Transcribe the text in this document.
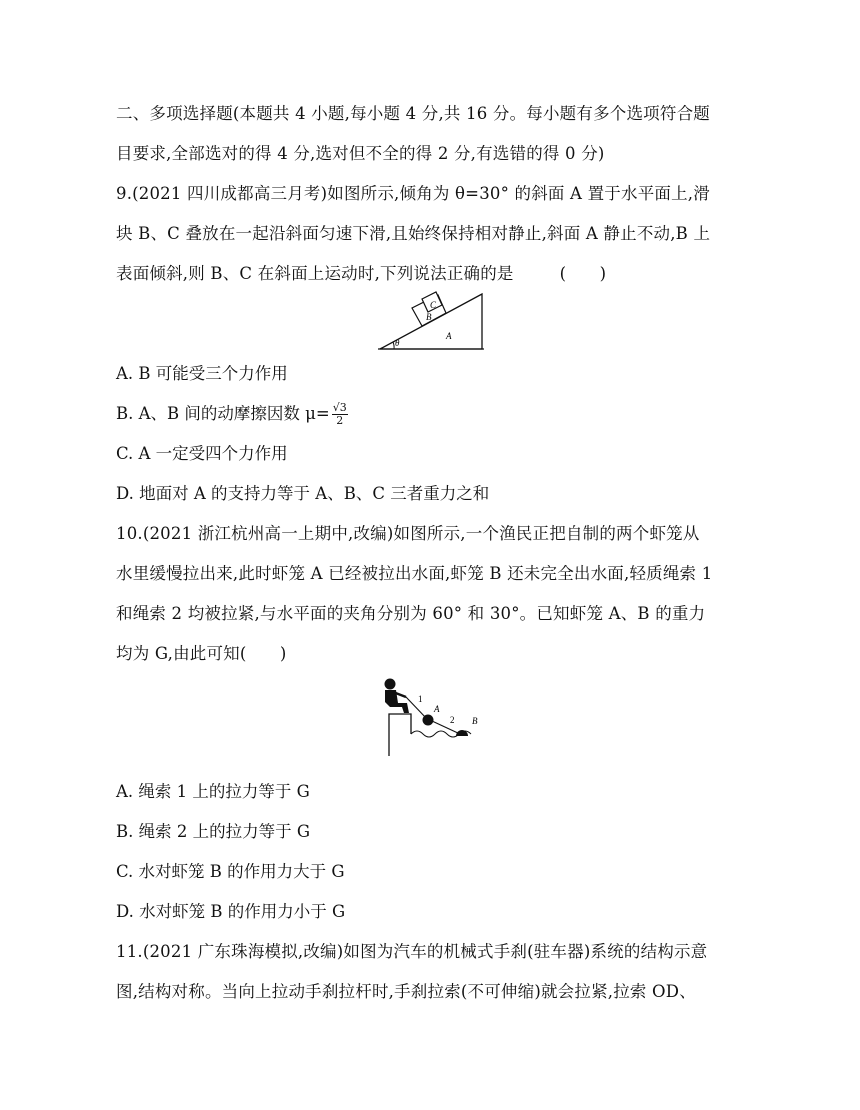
二、多项选择题(本题共 4 小题,每小题 4 分,共 16 分。每小题有多个选项符合题
目要求,全部选对的得 4 分,选对但不全的得 2 分,有选错的得 0 分)
9.(2021 四川成都高三月考)如图所示,倾角为 θ=30° 的斜面 A 置于水平面上,滑
块 B、C 叠放在一起沿斜面匀速下滑,且始终保持相对静止,斜面 A 静止不动,B 上
表面倾斜,则 B、C 在斜面上运动时,下列说法正确的是	(　　)
C
B
A
θ
A. B 可能受三个力作用
B. A、B 间的动摩擦因数 $\mu= \frac{√3}{2}$
C. A 一定受四个力作用
D. 地面对 A 的支持力等于 A、B、C 三者重力之和
10.(2021 浙江杭州高一上期中,改编)如图所示,一个渔民正把自制的两个虾笼从
水里缓慢拉出来,此时虾笼 A 已经被拉出水面,虾笼 B 还未完全出水面,轻质绳索 1
和绳索 2 均被拉紧,与水平面的夹角分别为 60° 和 30°。已知虾笼 A、B 的重力
均为 G,由此可知(　　)
1
A
2 B
A. 绳索 1 上的拉力等于 G
B. 绳索 2 上的拉力等于 G
C. 水对虾笼 B 的作用力大于 G
D. 水对虾笼 B 的作用力小于 G
11.(2021 广东珠海模拟,改编)如图为汽车的机械式手刹(驻车器)系统的结构示意
图,结构对称。当向上拉动手刹拉杆时,手刹拉索(不可伸缩)就会拉紧,拉索 OD、
